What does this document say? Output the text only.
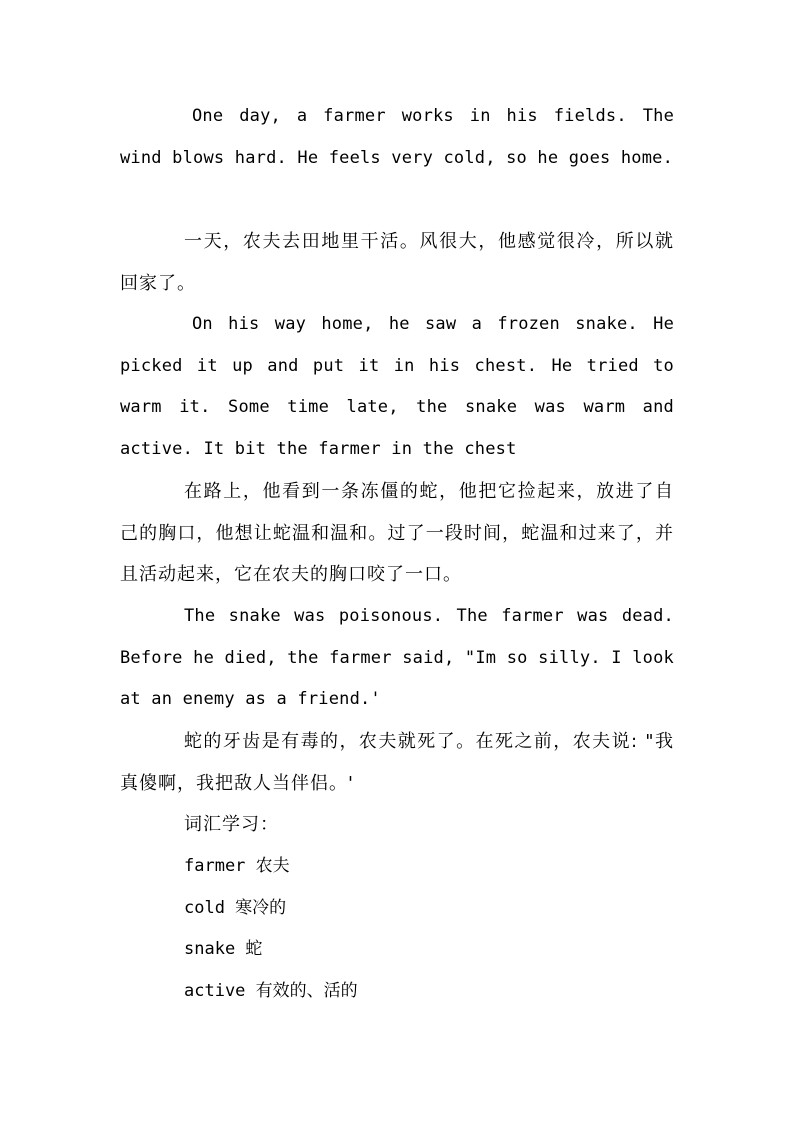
One day, a farmer works in his fields. The wind blows hard. He feels very cold, so he goes home.

一天，农夫去田地里干活。风很大，他感觉很冷，所以就回家了。

On his way home, he saw a frozen snake. He picked it up and put it in his chest. He tried to warm it. Some time late, the snake was warm and active. It bit the farmer in the chest

在路上，他看到一条冻僵的蛇，他把它捡起来，放进了自己的胸口，他想让蛇温和温和。过了一段时间，蛇温和过来了，并且活动起来，它在农夫的胸口咬了一口。

The snake was poisonous. The farmer was dead. Before he died, the farmer said, "Im so silly. I look at an enemy as a friend.'

蛇的牙齿是有毒的，农夫就死了。在死之前，农夫说: "我真傻啊，我把敌人当伴侣。'

词汇学习：
farmer 农夫
cold 寒冷的
snake 蛇
active 有效的、活的
